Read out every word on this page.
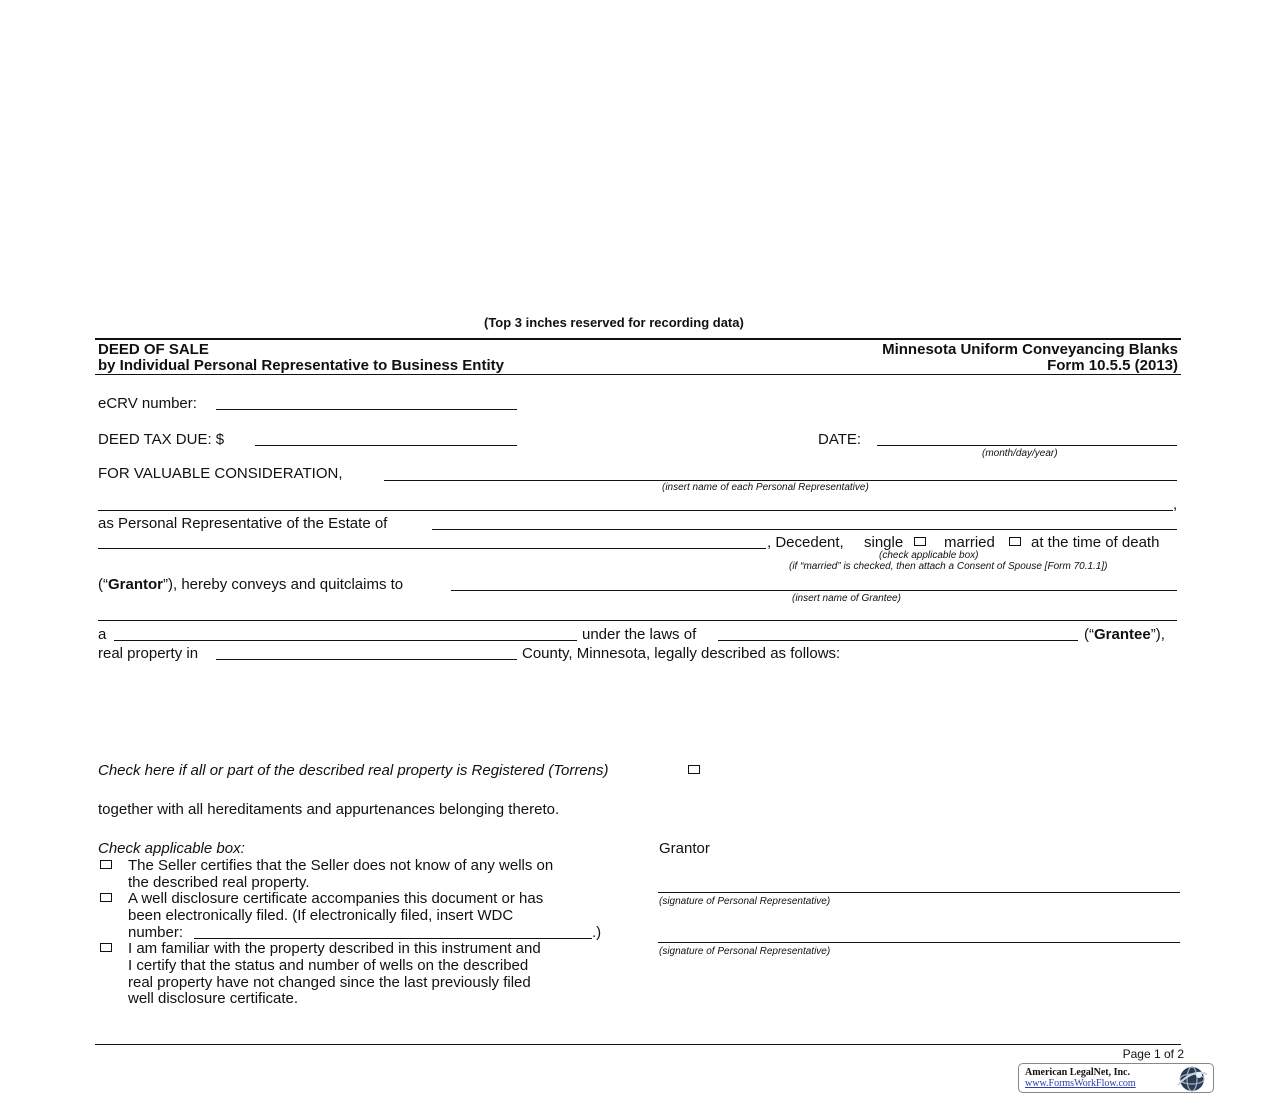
(Top 3 inches reserved for recording data)
DEED OF SALE
by Individual Personal Representative to Business Entity
Minnesota Uniform Conveyancing Blanks
Form 10.5.5 (2013)
eCRV number:
DEED TAX DUE: $	DATE:
(month/day/year)
FOR VALUABLE CONSIDERATION,
(insert name of each Personal Representative)
,
as Personal Representative of the Estate of
, Decedent, single	married at the time of death
(check applicable box)
(if “married” is checked, then attach a Consent of Spouse [Form 70.1.1])
(“Grantor”), hereby conveys and quitclaims to
(insert name of Grantee)
a	under the laws of	(“Grantee”),
real property in	County, Minnesota, legally described as follows:
Check here if all or part of the described real property is Registered (Torrens)
together with all hereditaments and appurtenances belonging thereto.
Check applicable box:
The Seller certifies that the Seller does not know of any wells on
the described real property.
A well disclosure certificate accompanies this document or has
been electronically filed. (If electronically filed, insert WDC
number:	.)
I am familiar with the property described in this instrument and
I certify that the status and number of wells on the described
real property have not changed since the last previously filed
well disclosure certificate.
Grantor
(signature of Personal Representative)
(signature of Personal Representative)
Page 1 of 2
American LegalNet, Inc.
www.FormsWorkFlow.com
